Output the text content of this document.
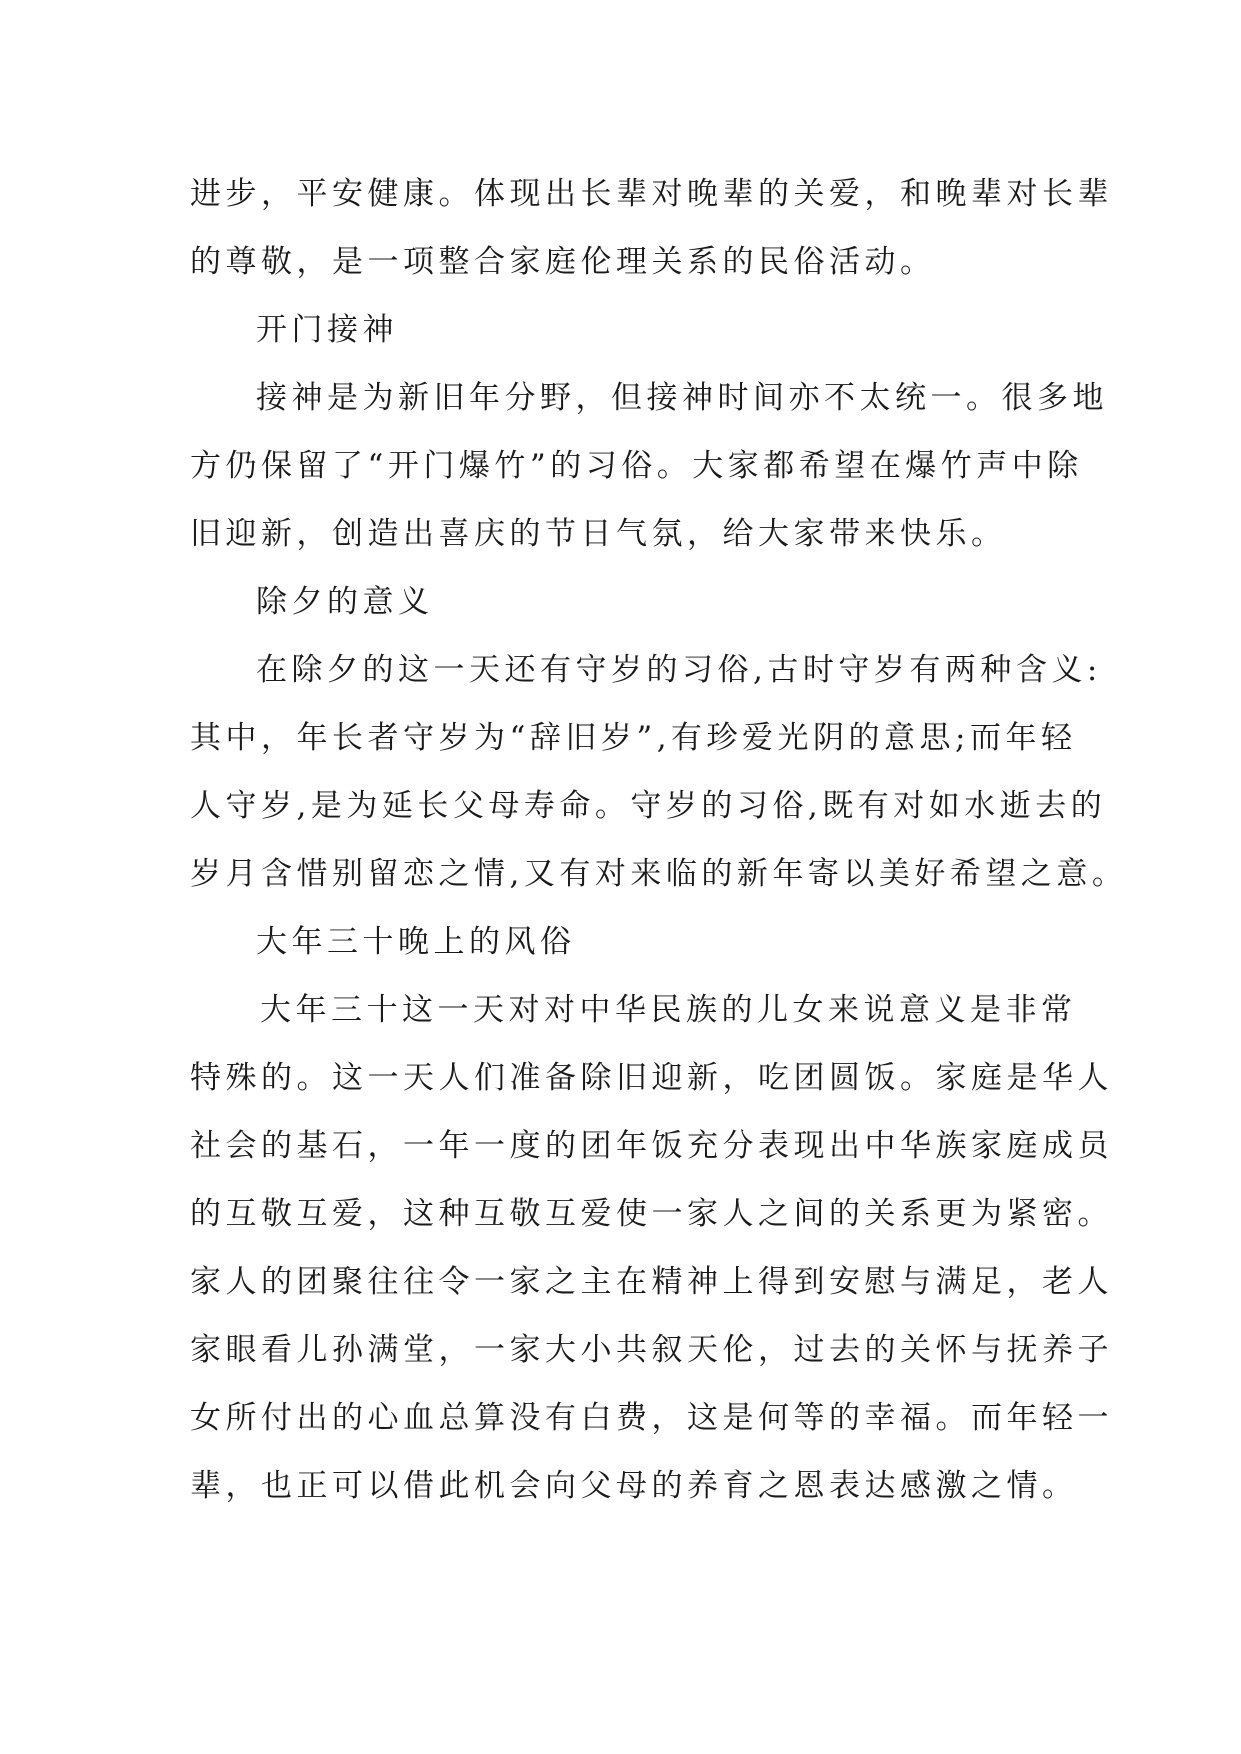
进步，平安健康。体现出长辈对晚辈的关爱，和晚辈对长辈
的尊敬，是一项整合家庭伦理关系的民俗活动。
开门接神
接神是为新旧年分野，但接神时间亦不太统一。很多地
方仍保留了“开门爆竹”的习俗。大家都希望在爆竹声中除
旧迎新，创造出喜庆的节日气氛，给大家带来快乐。
除夕的意义
在除夕的这一天还有守岁的习俗,古时守岁有两种含义:
其中，年长者守岁为“辞旧岁”,有珍爱光阴的意思;而年轻
人守岁,是为延长父母寿命。守岁的习俗,既有对如水逝去的
岁月含惜别留恋之情,又有对来临的新年寄以美好希望之意。
大年三十晚上的风俗
大年三十这一天对对中华民族的儿女来说意义是非常
特殊的。这一天人们准备除旧迎新，吃团圆饭。家庭是华人
社会的基石，一年一度的团年饭充分表现出中华族家庭成员
的互敬互爱，这种互敬互爱使一家人之间的关系更为紧密。
家人的团聚往往令一家之主在精神上得到安慰与满足，老人
家眼看儿孙满堂，一家大小共叙天伦，过去的关怀与抚养子
女所付出的心血总算没有白费，这是何等的幸福。而年轻一
辈，也正可以借此机会向父母的养育之恩表达感激之情。
